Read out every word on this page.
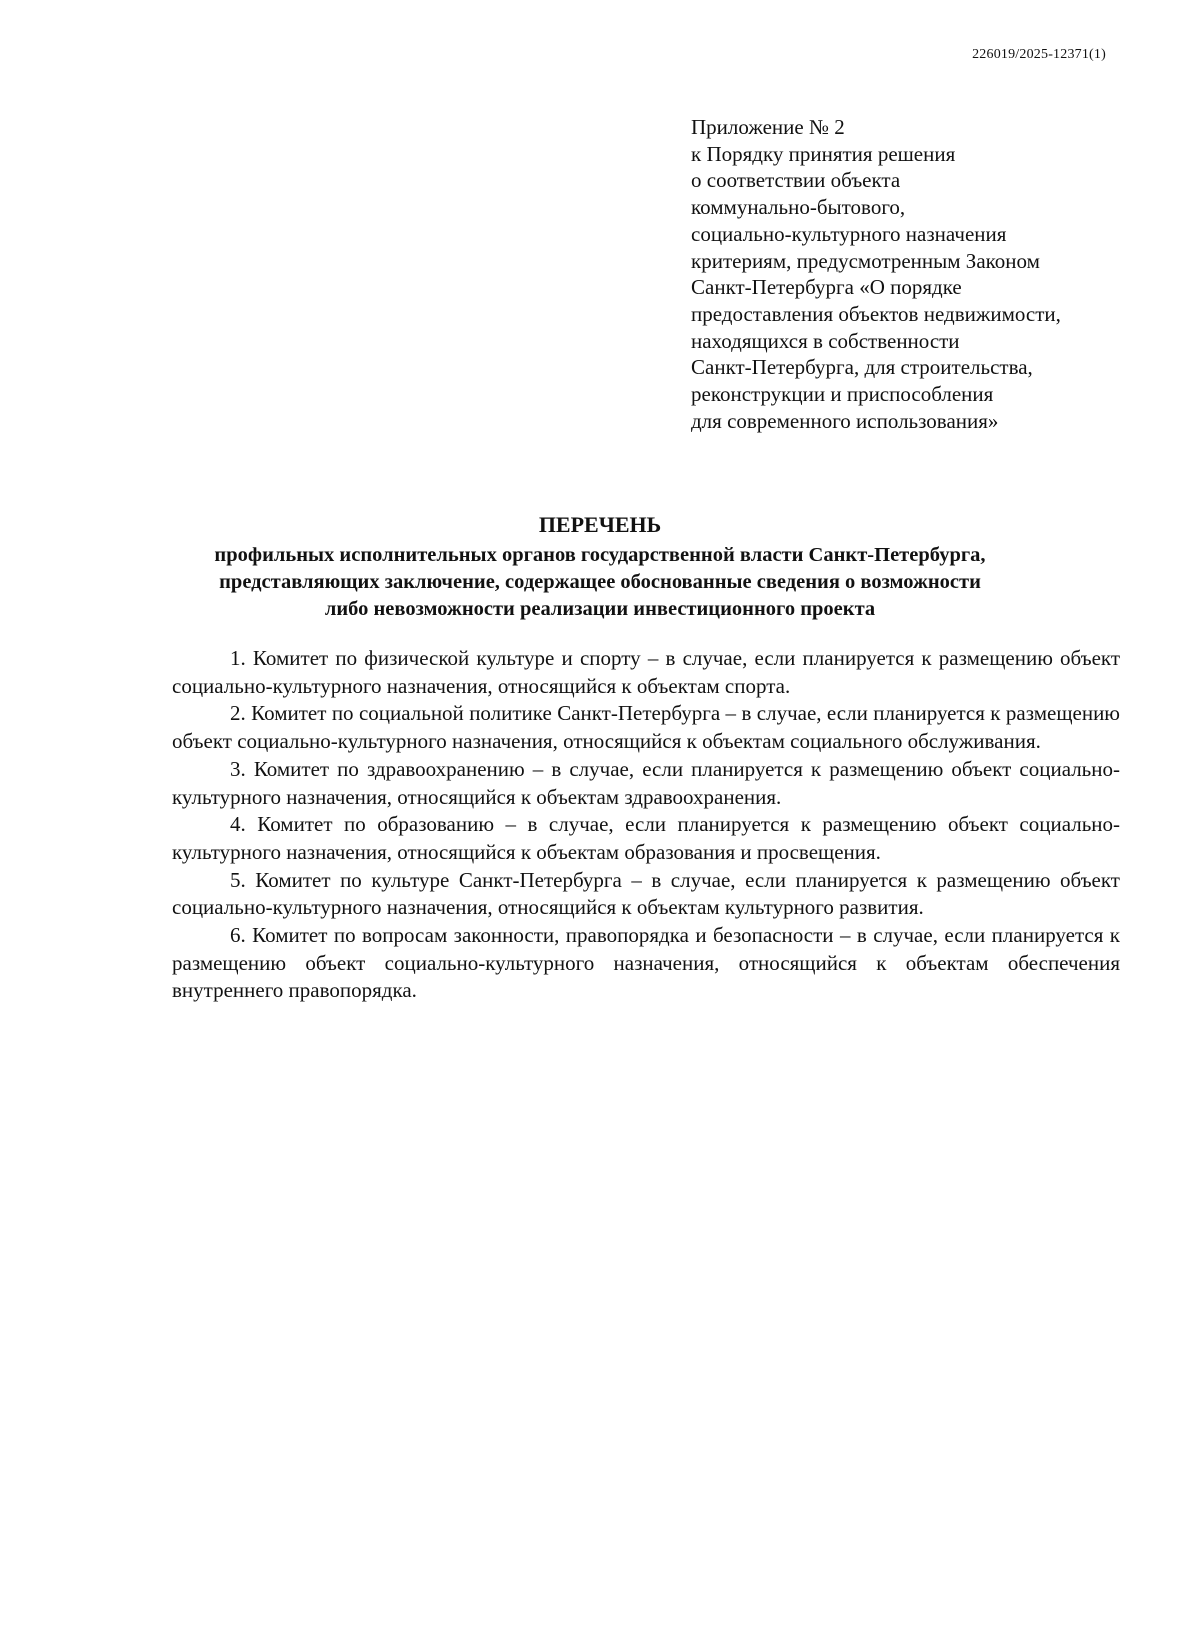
226019/2025-12371(1)
Приложение № 2
к Порядку принятия решения
о соответствии объекта
коммунально-бытового,
социально-культурного назначения
критериям, предусмотренным Законом
Санкт-Петербурга «О порядке
предоставления объектов недвижимости,
находящихся в собственности
Санкт-Петербурга, для строительства,
реконструкции и приспособления
для современного использования»
ПЕРЕЧЕНЬ
профильных исполнительных органов государственной власти Санкт-Петербурга,
представляющих заключение, содержащее обоснованные сведения о возможности
либо невозможности реализации инвестиционного проекта

1. Комитет по физической культуре и спорту – в случае, если планируется к размещению объект социально-культурного назначения, относящийся к объектам спорта.

2. Комитет по социальной политике Санкт-Петербурга – в случае, если планируется к размещению объект социально-культурного назначения, относящийся к объектам социального обслуживания.

3. Комитет по здравоохранению – в случае, если планируется к размещению объект социально-культурного назначения, относящийся к объектам здравоохранения.

4. Комитет по образованию – в случае, если планируется к размещению объект социально-культурного назначения, относящийся к объектам образования и просвещения.

5. Комитет по культуре Санкт-Петербурга – в случае, если планируется к размещению объект социально-культурного назначения, относящийся к объектам культурного развития.

6. Комитет по вопросам законности, правопорядка и безопасности – в случае, если планируется к размещению объект социально-культурного назначения, относящийся к объектам обеспечения внутреннего правопорядка.
